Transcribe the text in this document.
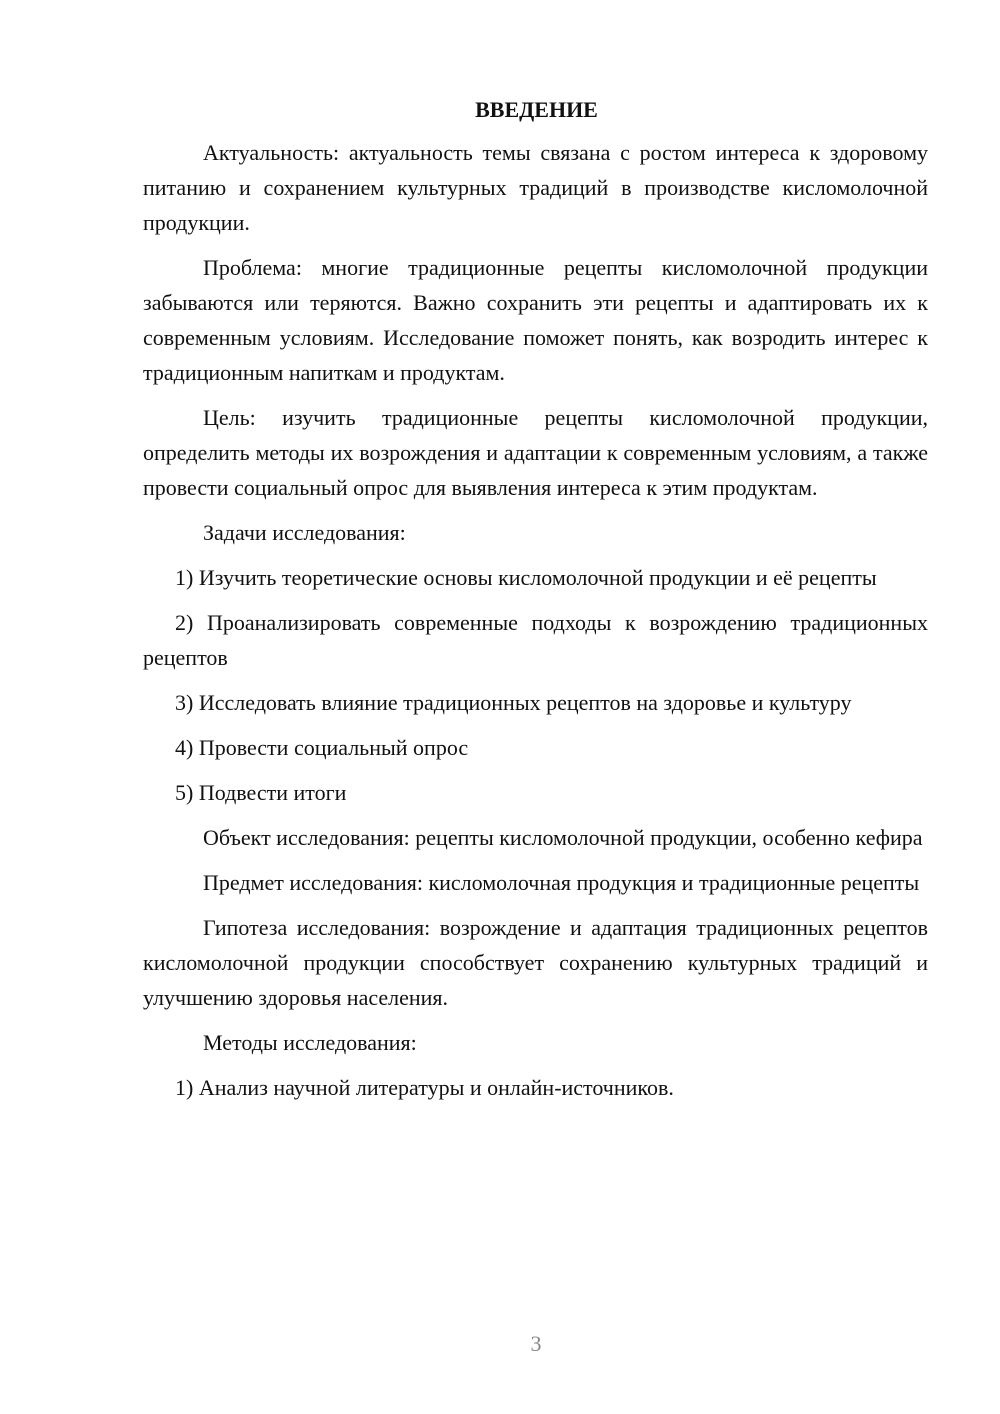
ВВЕДЕНИЕ

Актуальность: актуальность темы связана с ростом интереса к здоровому питанию и сохранением культурных традиций в производстве кисломолочной продукции.

Проблема: многие традиционные рецепты кисломолочной продукции забываются или теряются. Важно сохранить эти рецепты и адаптировать их к современным условиям. Исследование поможет понять, как возродить интерес к традиционным напиткам и продуктам.

Цель: изучить традиционные рецепты кисломолочной продукции, определить методы их возрождения и адаптации к современным условиям, а также провести социальный опрос для выявления интереса к этим продуктам.

Задачи исследования:

1) Изучить теоретические основы кисломолочной продукции и её рецепты

2) Проанализировать современные подходы к возрождению традиционных рецептов

3) Исследовать влияние традиционных рецептов на здоровье и культуру

4) Провести социальный опрос

5) Подвести итоги

Объект исследования: рецепты кисломолочной продукции, особенно кефира

Предмет исследования: кисломолочная продукция и традиционные рецепты

Гипотеза исследования: возрождение и адаптация традиционных рецептов кисломолочной продукции способствует сохранению культурных традиций и улучшению здоровья населения.

Методы исследования:

1) Анализ научной литературы и онлайн-источников.

3
